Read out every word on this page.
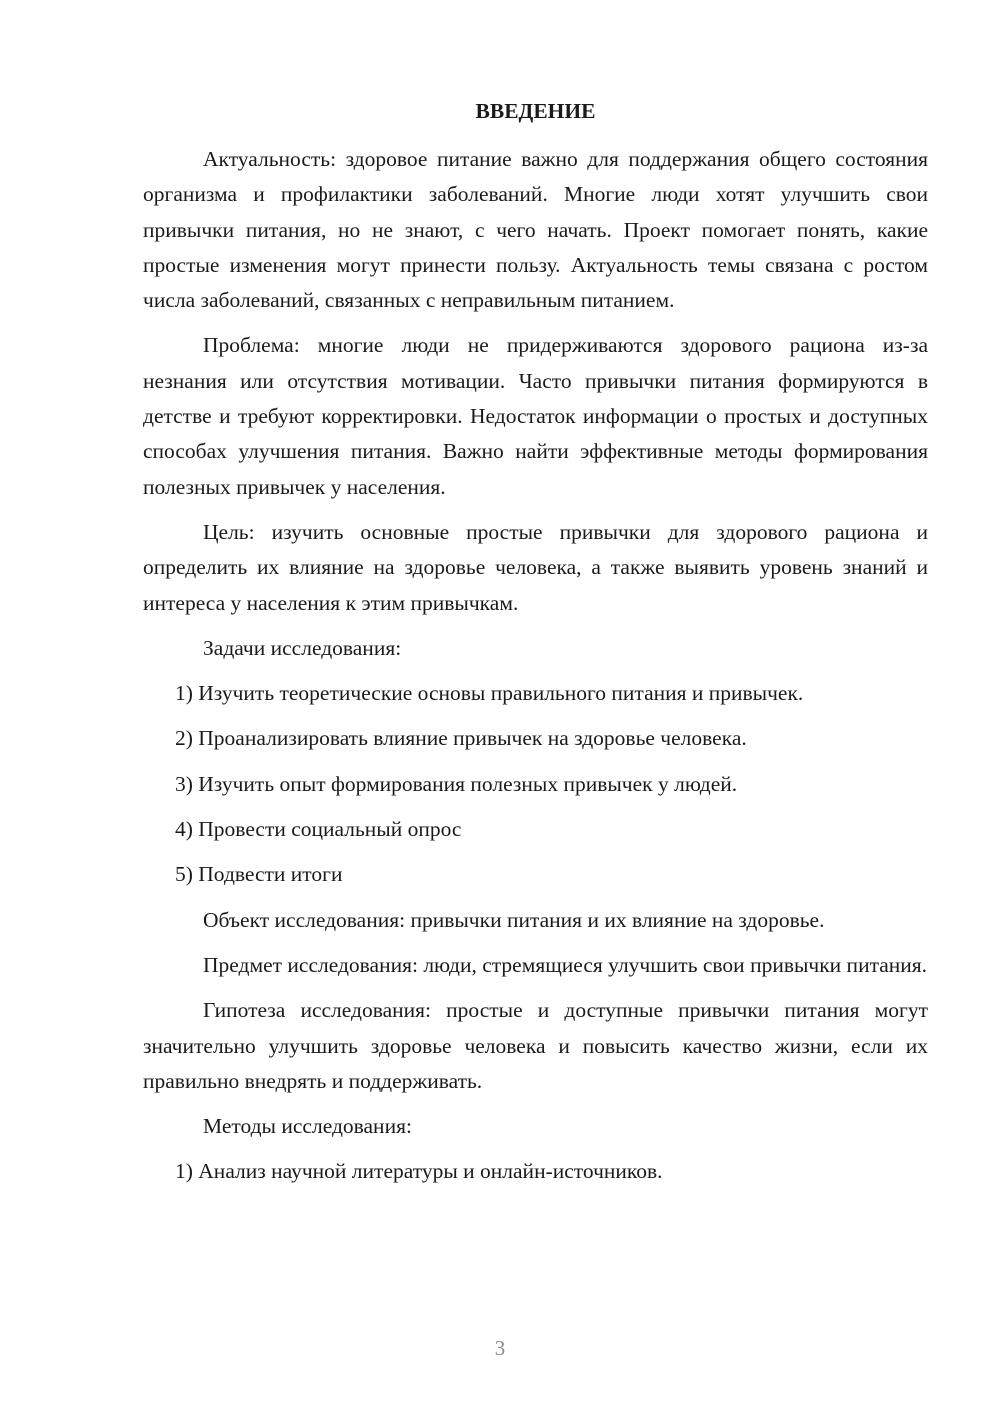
ВВЕДЕНИЕ

Актуальность: здоровое питание важно для поддержания общего состояния организма и профилактики заболеваний. Многие люди хотят улучшить свои привычки питания, но не знают, с чего начать. Проект помогает понять, какие простые изменения могут принести пользу. Актуальность темы связана с ростом числа заболеваний, связанных с неправильным питанием.

Проблема: многие люди не придерживаются здорового рациона из-за незнания или отсутствия мотивации. Часто привычки питания формируются в детстве и требуют корректировки. Недостаток информации о простых и доступных способах улучшения питания. Важно найти эффективные методы формирования полезных привычек у населения.

Цель: изучить основные простые привычки для здорового рациона и определить их влияние на здоровье человека, а также выявить уровень знаний и интереса у населения к этим привычкам.

Задачи исследования:

1) Изучить теоретические основы правильного питания и привычек.

2) Проанализировать влияние привычек на здоровье человека.

3) Изучить опыт формирования полезных привычек у людей.

4) Провести социальный опрос

5) Подвести итоги

Объект исследования: привычки питания и их влияние на здоровье.

Предмет исследования: люди, стремящиеся улучшить свои привычки питания.

Гипотеза исследования: простые и доступные привычки питания могут значительно улучшить здоровье человека и повысить качество жизни, если их правильно внедрять и поддерживать.

Методы исследования:

1) Анализ научной литературы и онлайн-источников.

3
